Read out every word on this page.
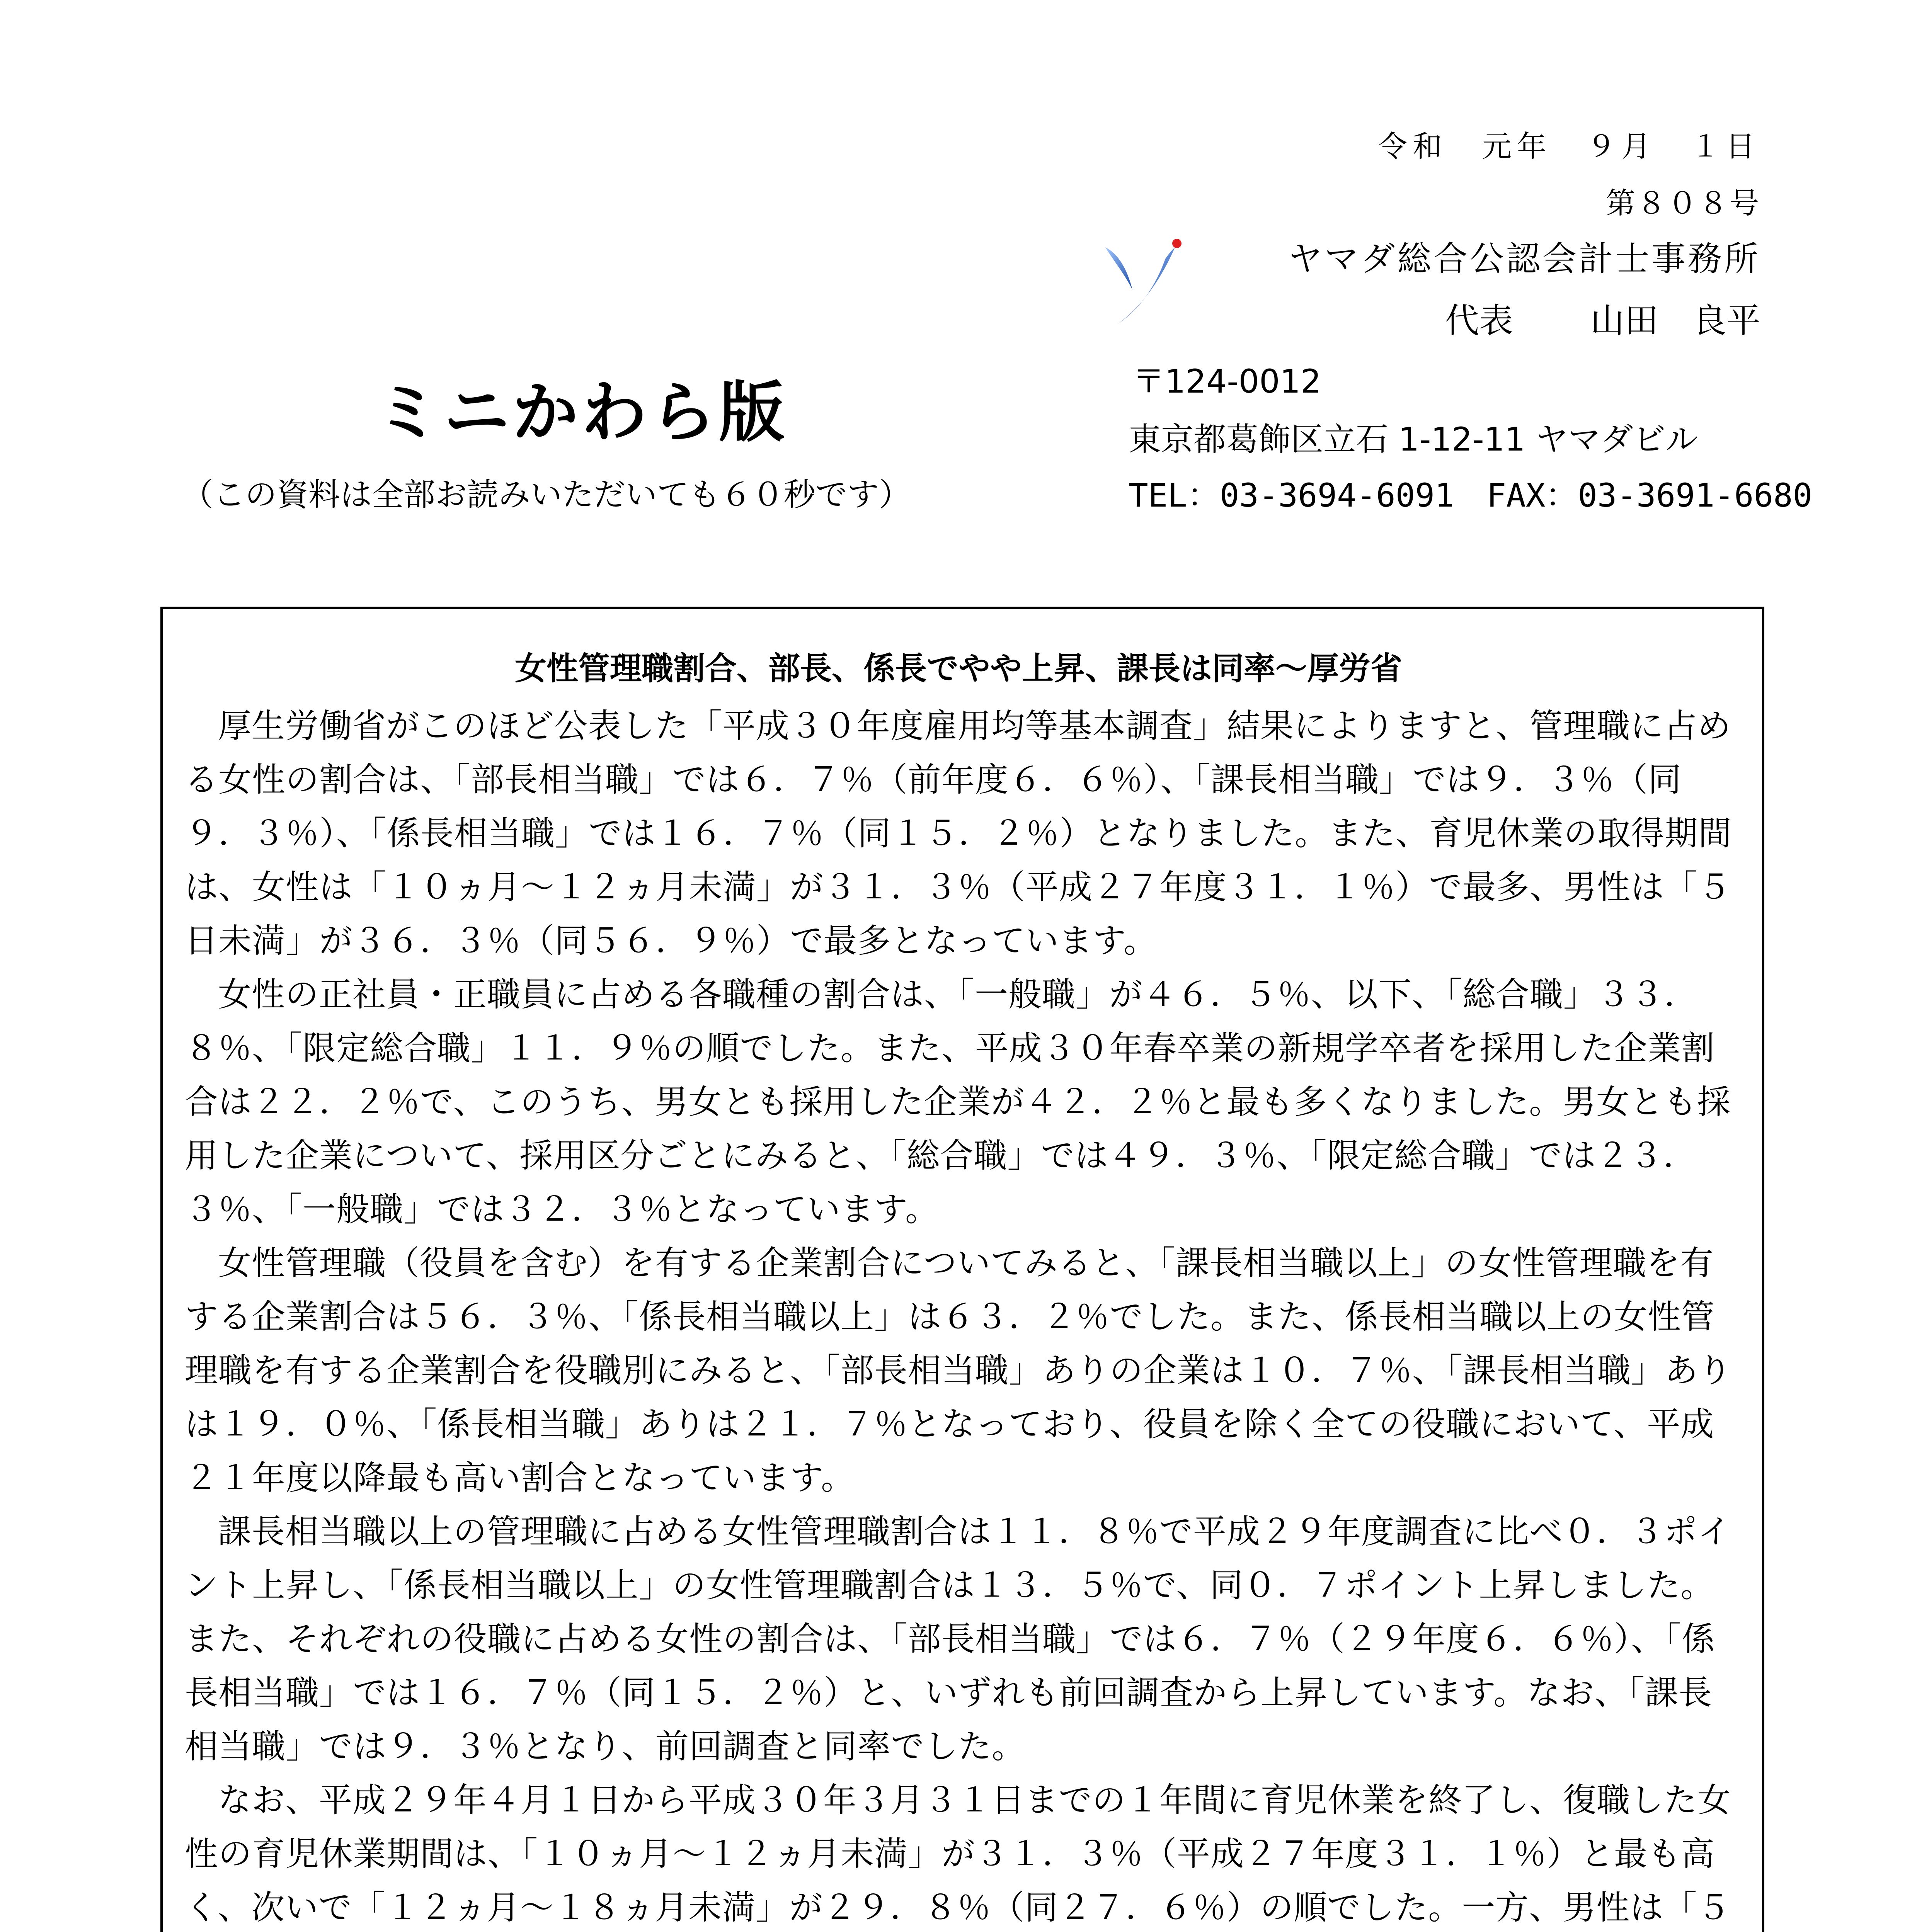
令和　元年　９月　１日
第８０８号
ヤマダ総合公認会計士事務所
代表 山田　良平
〒124-0012
東京都葛飾区立石 1-12-11 ヤマダビル
TEL：03-3694-6091　FAX：03-3691-6680
ミニかわら版
（この資料は全部お読みいただいても６０秒です）
女性管理職割合、部長、係長でやや上昇、課長は同率～厚労省

厚生労働省がこのほど公表した「平成３０年度雇用均等基本調査」結果によりますと、管理職に占める女性の割合は、「部長相当職」では６．７％（前年度６．６％）、「課長相当職」では９．３％（同９．３％）、「係長相当職」では１６．７％（同１５．２％）となりました。また、育児休業の取得期間は、女性は「１０ヵ月～１２ヵ月未満」が３１．３％（平成２７年度３１．１％）で最多、男性は「５日未満」が３６．３％（同５６．９％）で最多となっています。

女性の正社員・正職員に占める各職種の割合は、「一般職」が４６．５％、以下、「総合職」３３．８％、「限定総合職」１１．９％の順でした。また、平成３０年春卒業の新規学卒者を採用した企業割合は２２．２％で、このうち、男女とも採用した企業が４２．２％と最も多くなりました。男女とも採用した企業について、採用区分ごとにみると、「総合職」では４９．３％、「限定総合職」では２３．３％、「一般職」では３２．３％となっています。

女性管理職（役員を含む）を有する企業割合についてみると、「課長相当職以上」の女性管理職を有する企業割合は５６．３％、「係長相当職以上」は６３．２％でした。また、係長相当職以上の女性管理職を有する企業割合を役職別にみると、「部長相当職」ありの企業は１０．７％、「課長相当職」ありは１９．０％、「係長相当職」ありは２１．７％となっており、役員を除く全ての役職において、平成２１年度以降最も高い割合となっています。

課長相当職以上の管理職に占める女性管理職割合は１１．８％で平成２９年度調査に比べ０．３ポイント上昇し、「係長相当職以上」の女性管理職割合は１３．５％で、同０．７ポイント上昇しました。また、それぞれの役職に占める女性の割合は、「部長相当職」では６．７％（２９年度６．６％）、「係長相当職」では１６．７％（同１５．２％）と、いずれも前回調査から上昇しています。なお、「課長相当職」では９．３％となり、前回調査と同率でした。

なお、平成２９年４月１日から平成３０年３月３１日までの１年間に育児休業を終了し、復職した女性の育児休業期間は、「１０ヵ月～１２ヵ月未満」が３１．３％（平成２７年度３１．１％）と最も高く、次いで「１２ヵ月～１８ヵ月未満」が２９．８％（同２７．６％）の順でした。一方、男性は「５
